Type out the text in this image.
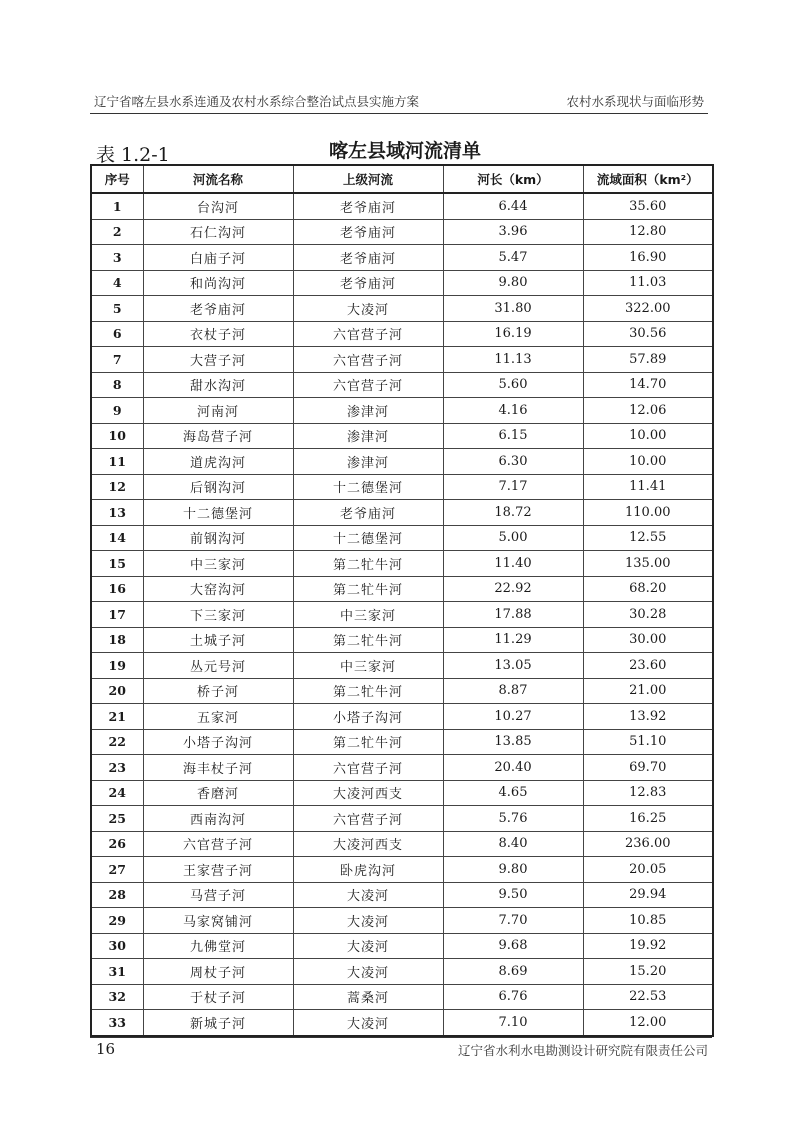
辽宁省喀左县水系连通及农村水系综合整治试点县实施方案	农村水系现状与面临形势
表 1.2-1	喀左县域河流清单
序号	河流名称	上级河流	河长（km）	流域面积（km²）
1	台沟河	老爷庙河	6.44	35.60
2	石仁沟河	老爷庙河	3.96	12.80
3	白庙子河	老爷庙河	5.47	16.90
4	和尚沟河	老爷庙河	9.80	11.03
5	老爷庙河	大凌河	31.80	322.00
6	衣杖子河	六官营子河	16.19	30.56
7	大营子河	六官营子河	11.13	57.89
8	甜水沟河	六官营子河	5.60	14.70
9	河南河	渗津河	4.16	12.06
10	海岛营子河	渗津河	6.15	10.00
11	道虎沟河	渗津河	6.30	10.00
12	后钢沟河	十二德堡河	7.17	11.41
13	十二德堡河	老爷庙河	18.72	110.00
14	前钢沟河	十二德堡河	5.00	12.55
15	中三家河	第二牤牛河	11.40	135.00
16	大窑沟河	第二牤牛河	22.92	68.20
17	下三家河	中三家河	17.88	30.28
18	土城子河	第二牤牛河	11.29	30.00
19	丛元号河	中三家河	13.05	23.60
20	桥子河	第二牤牛河	8.87	21.00
21	五家河	小塔子沟河	10.27	13.92
22	小塔子沟河	第二牤牛河	13.85	51.10
23	海丰杖子河	六官营子河	20.40	69.70
24	香磨河	大凌河西支	4.65	12.83
25	西南沟河	六官营子河	5.76	16.25
26	六官营子河	大凌河西支	8.40	236.00
27	王家营子河	卧虎沟河	9.80	20.05
28	马营子河	大凌河	9.50	29.94
29	马家窝铺河	大凌河	7.70	10.85
30	九佛堂河	大凌河	9.68	19.92
31	周杖子河	大凌河	8.69	15.20
32	于杖子河	蒿桑河	6.76	22.53
33	新城子河	大凌河	7.10	12.00
16	辽宁省水利水电勘测设计研究院有限责任公司
